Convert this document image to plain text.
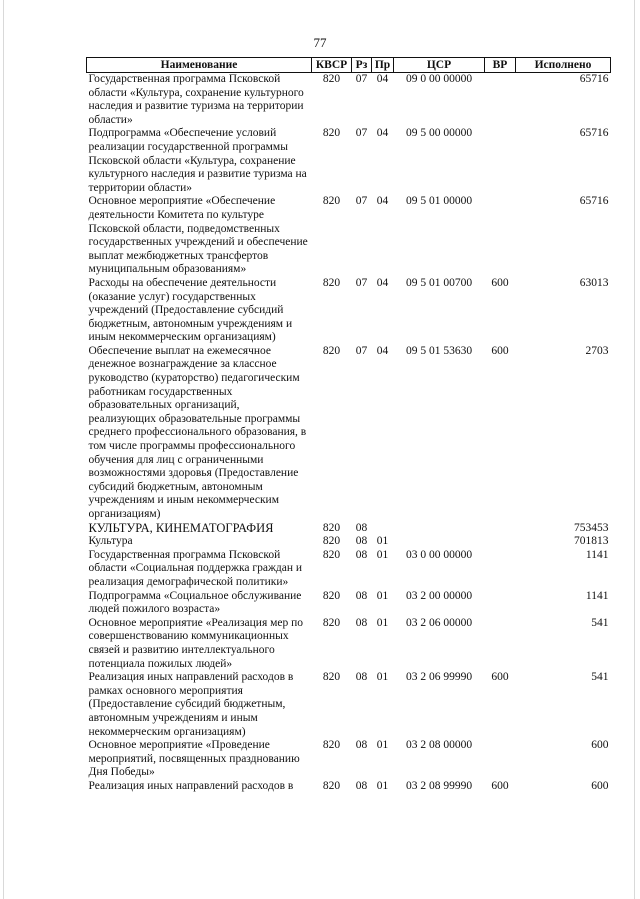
77
Наименование	КВСР	Рз	Пр	ЦСР	ВР	Исполнено
Государственная программа Псковской области «Культура, сохранение культурного наследия и развитие туризма на территории области»	820	07	04	09 0 00 00000		65716
Подпрограмма «Обеспечение условий реализации государственной программы Псковской области «Культура, сохранение культурного наследия и развитие туризма на территории области»	820	07	04	09 5 00 00000		65716
Основное мероприятие «Обеспечение деятельности Комитета по культуре Псковской области, подведомственных государственных учреждений и обеспечение выплат межбюджетных трансфертов муниципальным образованиям»	820	07	04	09 5 01 00000		65716
Расходы на обеспечение деятельности (оказание услуг) государственных учреждений (Предоставление субсидий бюджетным, автономным учреждениям и иным некоммерческим организациям)	820	07	04	09 5 01 00700	600	63013
Обеспечение выплат на ежемесячное денежное вознаграждение за классное руководство (кураторство) педагогическим работникам государственных образовательных организаций, реализующих образовательные программы среднего профессионального образования, в том числе программы профессионального обучения для лиц с ограниченными возможностями здоровья (Предоставление субсидий бюджетным, автономным учреждениям и иным некоммерческим организациям)	820	07	04	09 5 01 53630	600	2703
КУЛЬТУРА, КИНЕМАТОГРАФИЯ	820	08				753453
Культура	820	08	01			701813
Государственная программа Псковской области «Социальная поддержка граждан и реализация демографической политики»	820	08	01	03 0 00 00000		1141
Подпрограмма «Социальное обслуживание людей пожилого возраста»	820	08	01	03 2 00 00000		1141
Основное мероприятие «Реализация мер по совершенствованию коммуникационных связей и развитию интеллектуального потенциала пожилых людей»	820	08	01	03 2 06 00000		541
Реализация иных направлений расходов в рамках основного мероприятия (Предоставление субсидий бюджетным, автономным учреждениям и иным некоммерческим организациям)	820	08	01	03 2 06 99990	600	541
Основное мероприятие «Проведение мероприятий, посвященных празднованию Дня Победы»	820	08	01	03 2 08 00000		600
Реализация иных направлений расходов в	820	08	01	03 2 08 99990	600	600
